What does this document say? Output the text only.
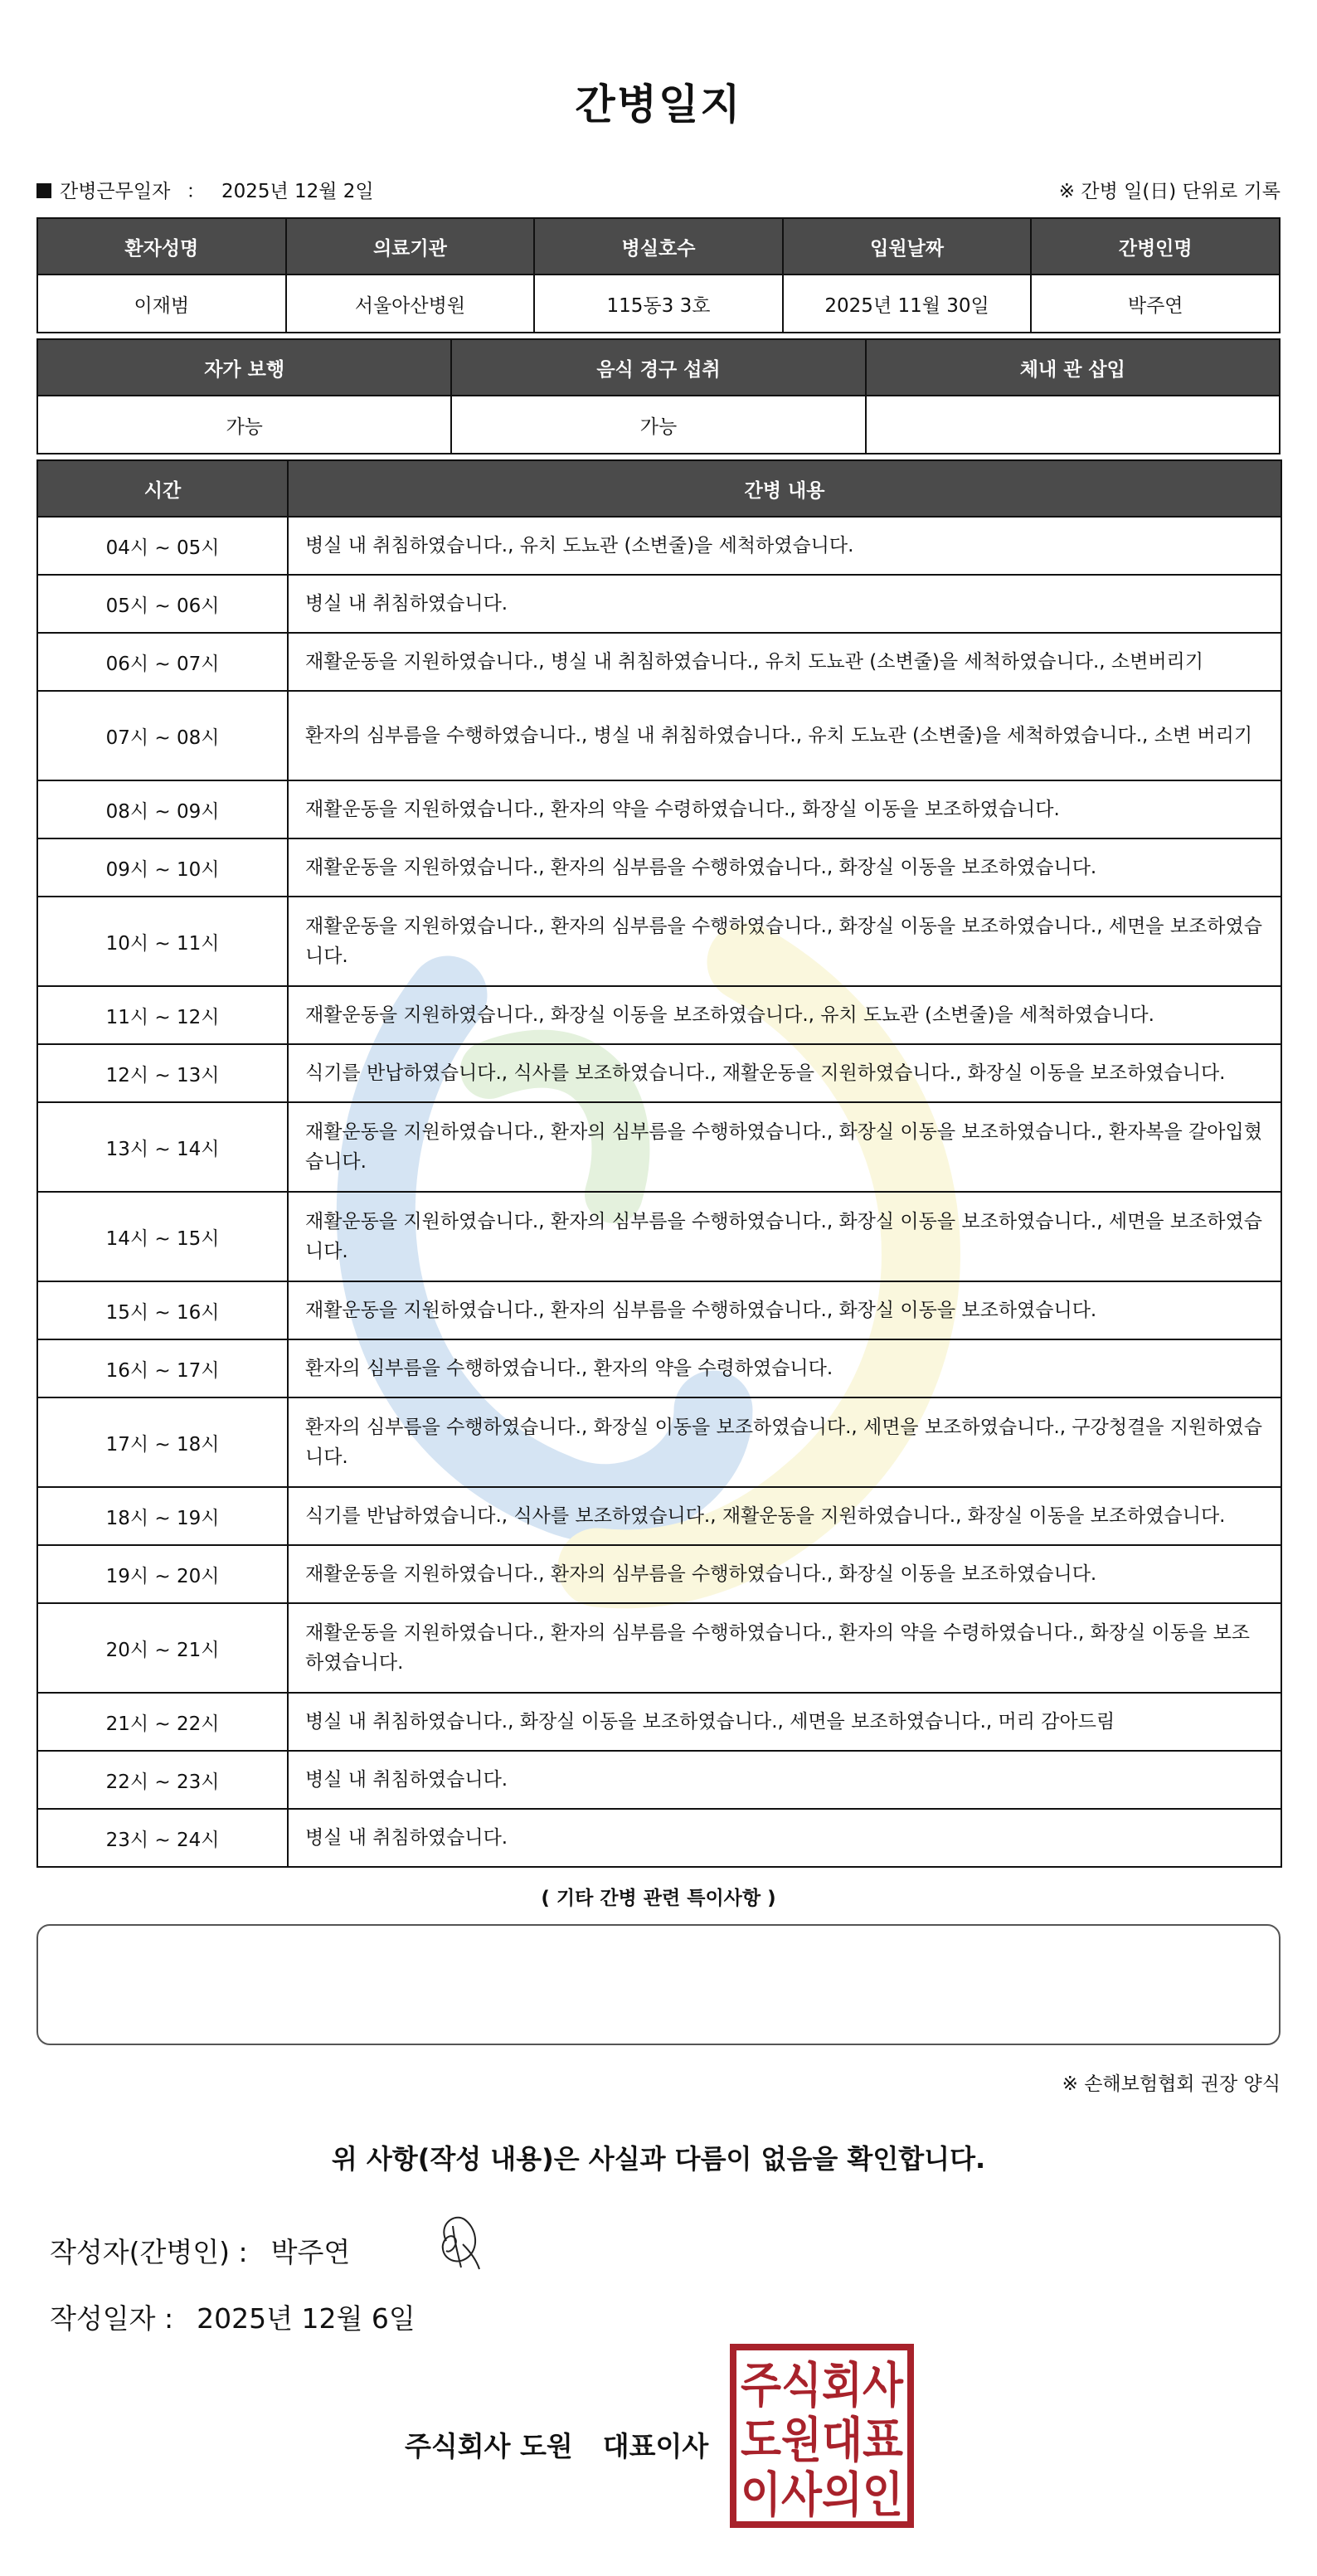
간병일지
간병근무일자 ： 2025년 12월 2일	※ 간병 일(日) 단위로 기록
환자성명	의료기관	병실호수	입원날짜	간병인명
이재범	서울아산병원	115동3 3호	2025년 11월 30일	박주연
자가 보행	음식 경구 섭취	체내 관 삽입
가능	가능	
시간	간병 내용
04시 ~ 05시	병실 내 취침하였습니다., 유치 도뇨관 (소변줄)을 세척하였습니다.
05시 ~ 06시	병실 내 취침하였습니다.
06시 ~ 07시	재활운동을 지원하였습니다., 병실 내 취침하였습니다., 유치 도뇨관 (소변줄)을 세척하였습니다., 소변버리기
07시 ~ 08시	환자의 심부름을 수행하였습니다., 병실 내 취침하였습니다., 유치 도뇨관 (소변줄)을 세척하였습니다., 소변 버리기
08시 ~ 09시	재활운동을 지원하였습니다., 환자의 약을 수령하였습니다., 화장실 이동을 보조하였습니다.
09시 ~ 10시	재활운동을 지원하였습니다., 환자의 심부름을 수행하였습니다., 화장실 이동을 보조하였습니다.
10시 ~ 11시	재활운동을 지원하였습니다., 환자의 심부름을 수행하였습니다., 화장실 이동을 보조하였습니다., 세면을 보조하였습니다.
11시 ~ 12시	재활운동을 지원하였습니다., 화장실 이동을 보조하였습니다., 유치 도뇨관 (소변줄)을 세척하였습니다.
12시 ~ 13시	식기를 반납하였습니다., 식사를 보조하였습니다., 재활운동을 지원하였습니다., 화장실 이동을 보조하였습니다.
13시 ~ 14시	재활운동을 지원하였습니다., 환자의 심부름을 수행하였습니다., 화장실 이동을 보조하였습니다., 환자복을 갈아입혔습니다.
14시 ~ 15시	재활운동을 지원하였습니다., 환자의 심부름을 수행하였습니다., 화장실 이동을 보조하였습니다., 세면을 보조하였습니다.
15시 ~ 16시	재활운동을 지원하였습니다., 환자의 심부름을 수행하였습니다., 화장실 이동을 보조하였습니다.
16시 ~ 17시	환자의 심부름을 수행하였습니다., 환자의 약을 수령하였습니다.
17시 ~ 18시	환자의 심부름을 수행하였습니다., 화장실 이동을 보조하였습니다., 세면을 보조하였습니다., 구강청결을 지원하였습니다.
18시 ~ 19시	식기를 반납하였습니다., 식사를 보조하였습니다., 재활운동을 지원하였습니다., 화장실 이동을 보조하였습니다.
19시 ~ 20시	재활운동을 지원하였습니다., 환자의 심부름을 수행하였습니다., 화장실 이동을 보조하였습니다.
20시 ~ 21시	재활운동을 지원하였습니다., 환자의 심부름을 수행하였습니다., 환자의 약을 수령하였습니다., 화장실 이동을 보조하였습니다.
21시 ~ 22시	병실 내 취침하였습니다., 화장실 이동을 보조하였습니다., 세면을 보조하였습니다., 머리 감아드림
22시 ~ 23시	병실 내 취침하였습니다.
23시 ~ 24시	병실 내 취침하였습니다.
( 기타 간병 관련 특이사항 )
※ 손해보험협회 권장 양식
위 사항(작성 내용)은 사실과 다름이 없음을 확인합니다.
작성자(간병인) : 박주연
작성일자 : 2025년 12월 6일
주식회사 도원 대표이사
주식회사
도원대표
이사의인
